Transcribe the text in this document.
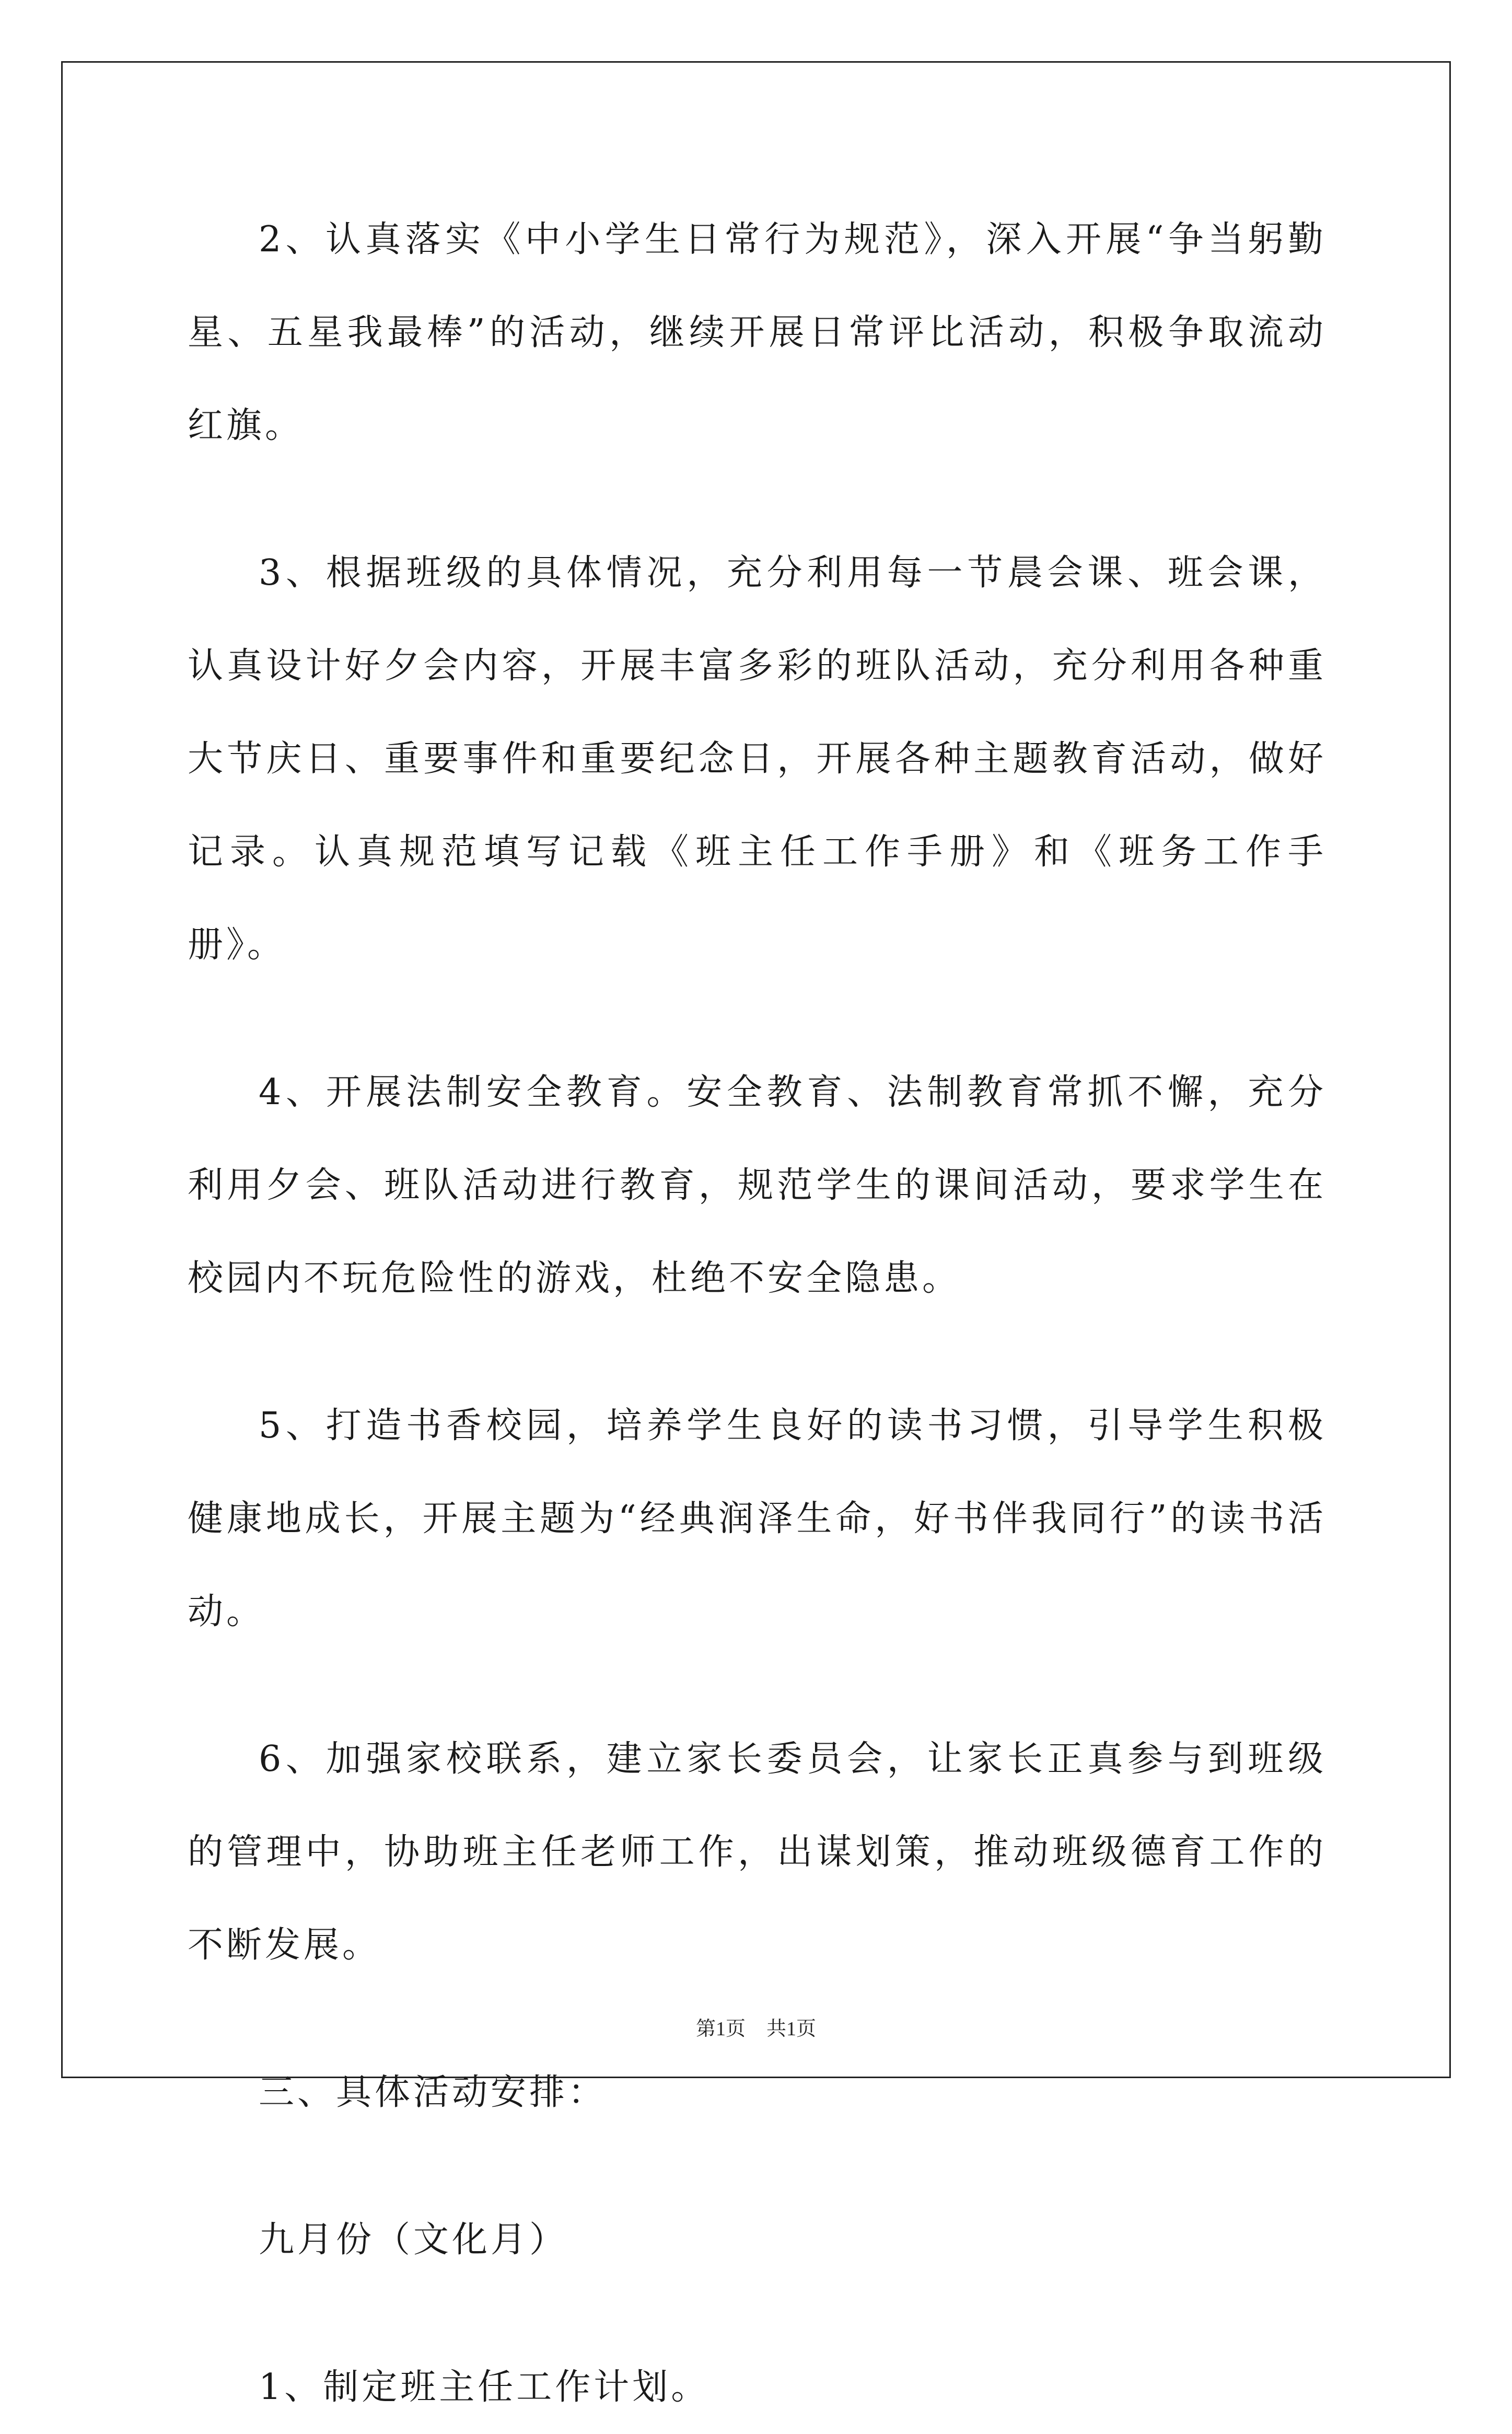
2、认真落实《中小学生日常行为规范》，深入开展“争当躬勤星、五星我最棒”的活动，继续开展日常评比活动，积极争取流动红旗。

3、根据班级的具体情况，充分利用每一节晨会课、班会课，认真设计好夕会内容，开展丰富多彩的班队活动，充分利用各种重大节庆日、重要事件和重要纪念日，开展各种主题教育活动，做好记录。认真规范填写记载《班主任工作手册》和《班务工作手册》。

4、开展法制安全教育。安全教育、法制教育常抓不懈，充分利用夕会、班队活动进行教育，规范学生的课间活动，要求学生在校园内不玩危险性的游戏，杜绝不安全隐患。

5、打造书香校园，培养学生良好的读书习惯，引导学生积极健康地成长，开展主题为“经典润泽生命，好书伴我同行”的读书活动。

6、加强家校联系，建立家长委员会，让家长正真参与到班级的管理中，协助班主任老师工作，出谋划策，推动班级德育工作的不断发展。

三、具体活动安排：

九月份（文化月）

1、制定班主任工作计划。

第1页 共1页
